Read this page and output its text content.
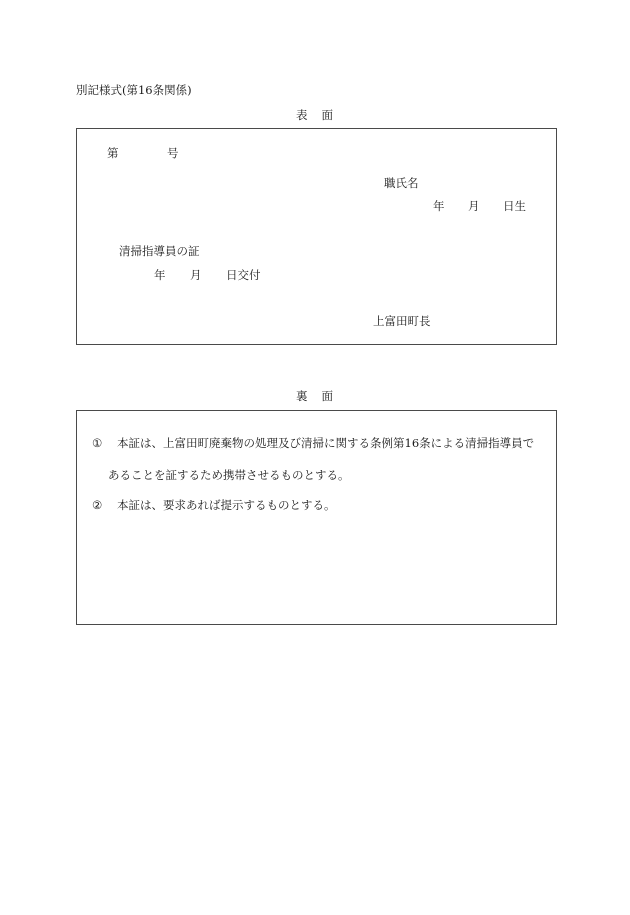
別記様式(第16条関係)
表 面
第	号
職氏名
年 月 日生
清掃指導員の証
年 月 日交付
上富田町長
裏 面
① 本証は、上富田町廃棄物の処理及び清掃に関する条例第16条による清掃指導員で
あることを証するため携帯させるものとする。
② 本証は、要求あれば提示するものとする。
